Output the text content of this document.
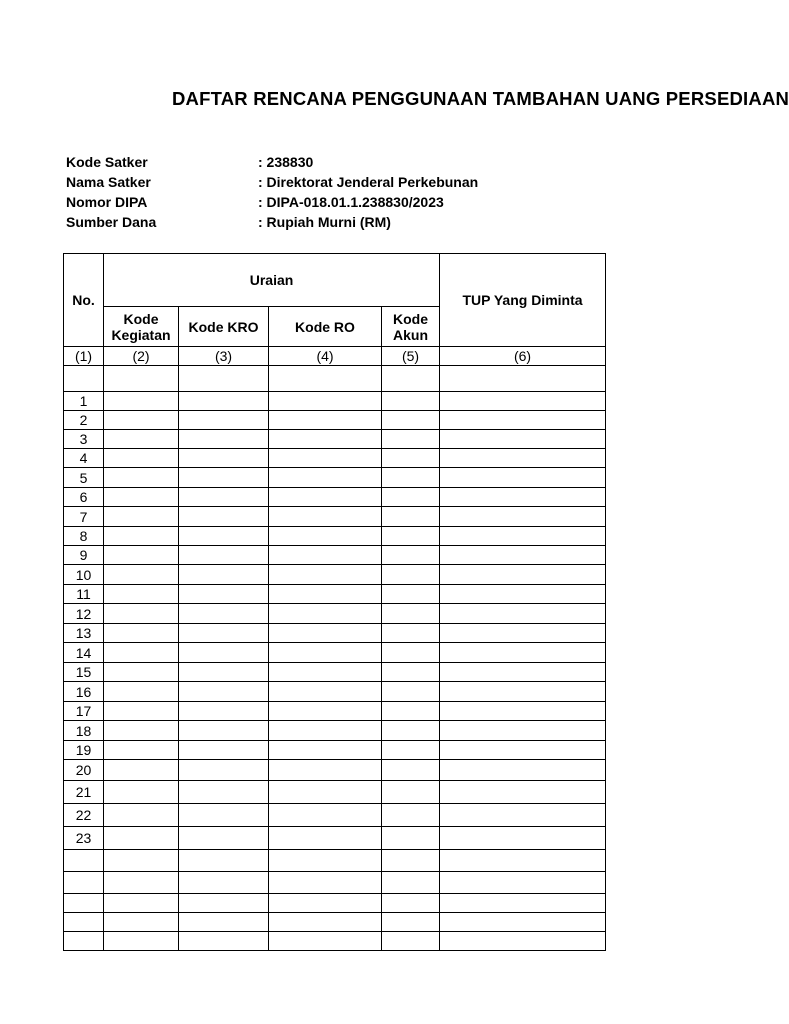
DAFTAR RENCANA PENGGUNAAN TAMBAHAN UANG PERSEDIAAN
Kode Satker	: 238830
Nama Satker	: Direktorat Jenderal Perkebunan
Nomor DIPA	: DIPA-018.01.1.238830/2023
Sumber Dana	: Rupiah Murni (RM)
No.	Uraian				TUP Yang Diminta
	Kode Kegiatan	Kode KRO	Kode RO	Kode Akun	
(1)	(2)	(3)	(4)	(5)	(6)

1					
2					
3					
4					
5					
6					
7					
8					
9					
10					
11					
12					
13					
14					
15					
16					
17					
18					
19					
20					
21					
22					
23					
